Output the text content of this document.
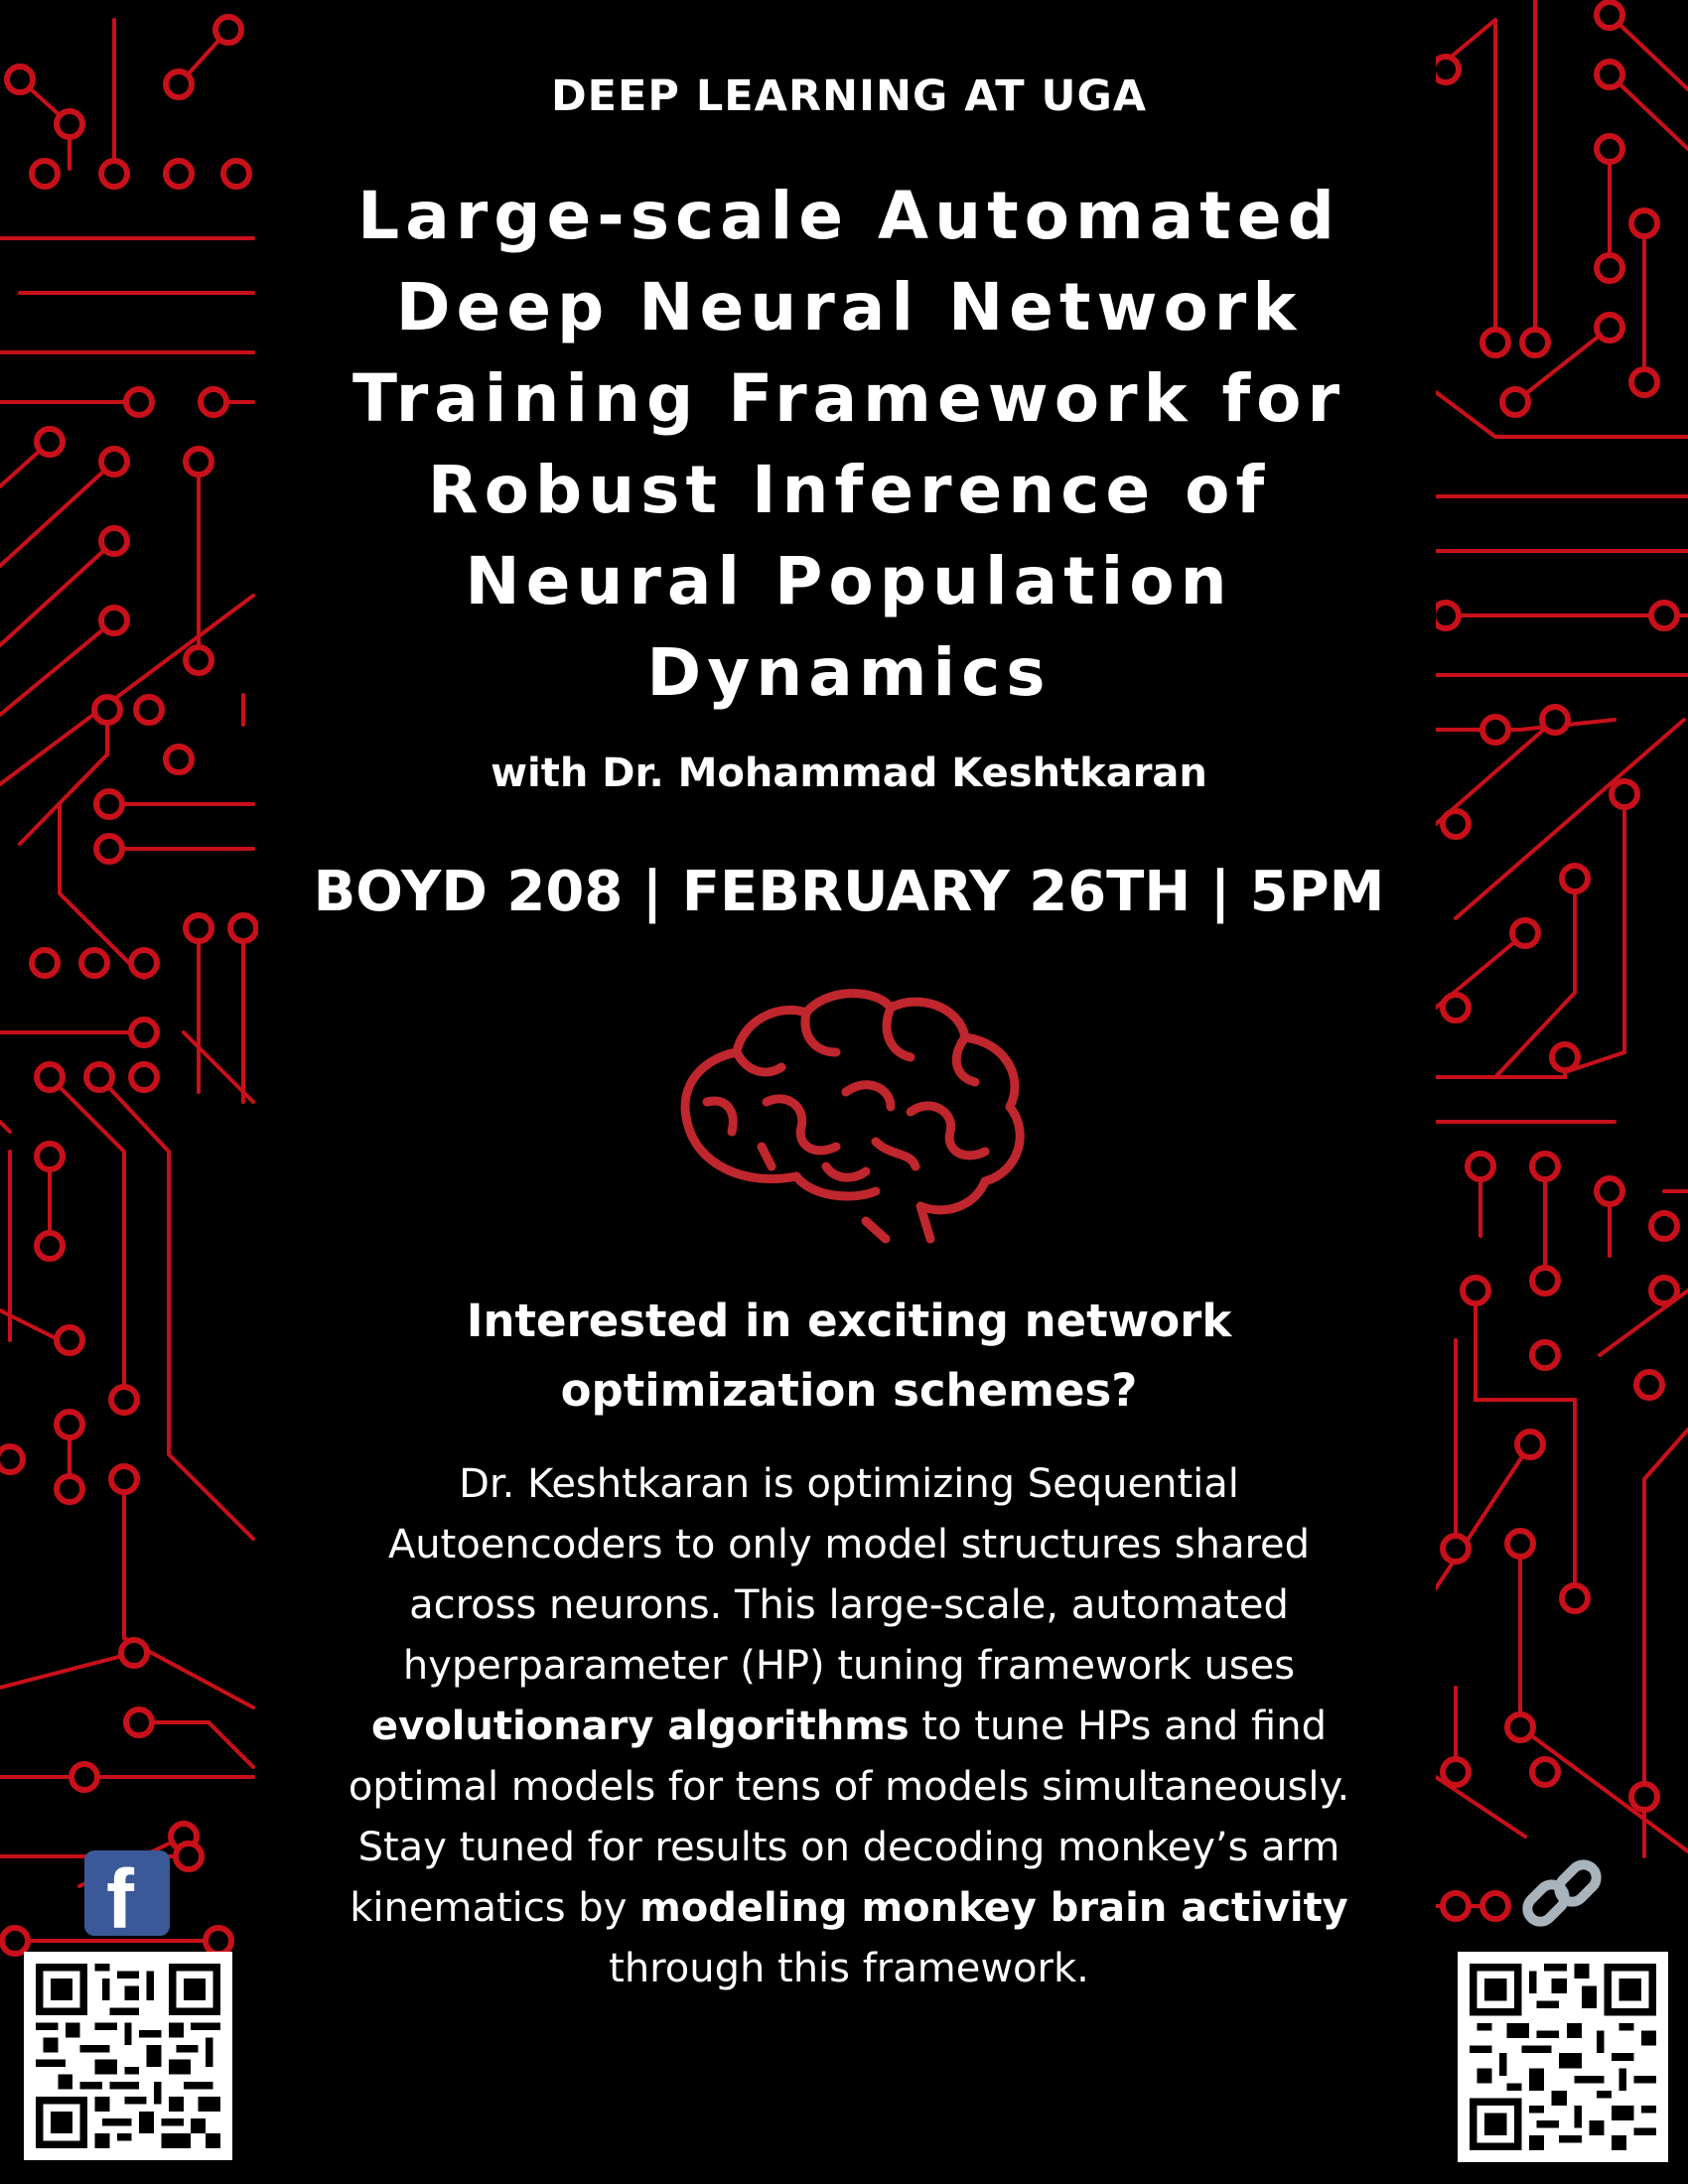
DEEP LEARNING AT UGA
Large-scale Automated
Deep Neural Network
Training Framework for
Robust Inference of
Neural Population
Dynamics
with Dr. Mohammad Keshtkaran
BOYD 208 | FEBRUARY 26TH | 5PM
Interested in exciting network
optimization schemes?
Dr. Keshtkaran is optimizing Sequential
Autoencoders to only model structures shared
across neurons. This large-scale, automated
hyperparameter (HP) tuning framework uses
evolutionary algorithms to tune HPs and find
optimal models for tens of models simultaneously.
Stay tuned for results on decoding monkey’s arm
kinematics by modeling monkey brain activity
through this framework.
f
